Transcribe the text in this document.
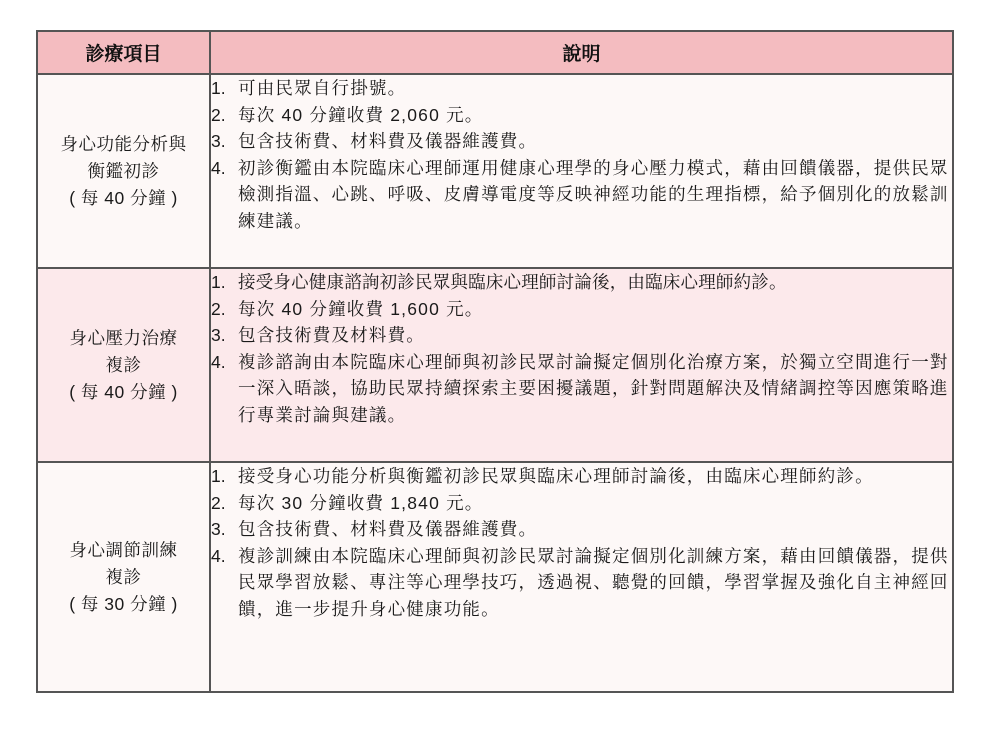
診療項目	說明

身心功能分析與
衡鑑初診
( 每 40 分鐘 )

1. 可由民眾自行掛號。
2. 每次 40 分鐘收費 2,060 元。
3. 包含技術費、材料費及儀器維護費。
4. 初診衡鑑由本院臨床心理師運用健康心理學的身心壓力模式，藉由回饋儀器，提供民眾檢測指溫、心跳、呼吸、皮膚導電度等反映神經功能的生理指標，給予個別化的放鬆訓練建議。

身心壓力治療
複診
( 每 40 分鐘 )

1. 接受身心健康諮詢初診民眾與臨床心理師討論後，由臨床心理師約診。
2. 每次 40 分鐘收費 1,600 元。
3. 包含技術費及材料費。
4. 複診諮詢由本院臨床心理師與初診民眾討論擬定個別化治療方案，於獨立空間進行一對一深入晤談，協助民眾持續探索主要困擾議題，針對問題解決及情緒調控等因應策略進行專業討論與建議。

身心調節訓練
複診
( 每 30 分鐘 )

1. 接受身心功能分析與衡鑑初診民眾與臨床心理師討論後，由臨床心理師約診。
2. 每次 30 分鐘收費 1,840 元。
3. 包含技術費、材料費及儀器維護費。
4. 複診訓練由本院臨床心理師與初診民眾討論擬定個別化訓練方案，藉由回饋儀器，提供民眾學習放鬆、專注等心理學技巧，透過視、聽覺的回饋，學習掌握及強化自主神經回饋，進一步提升身心健康功能。
